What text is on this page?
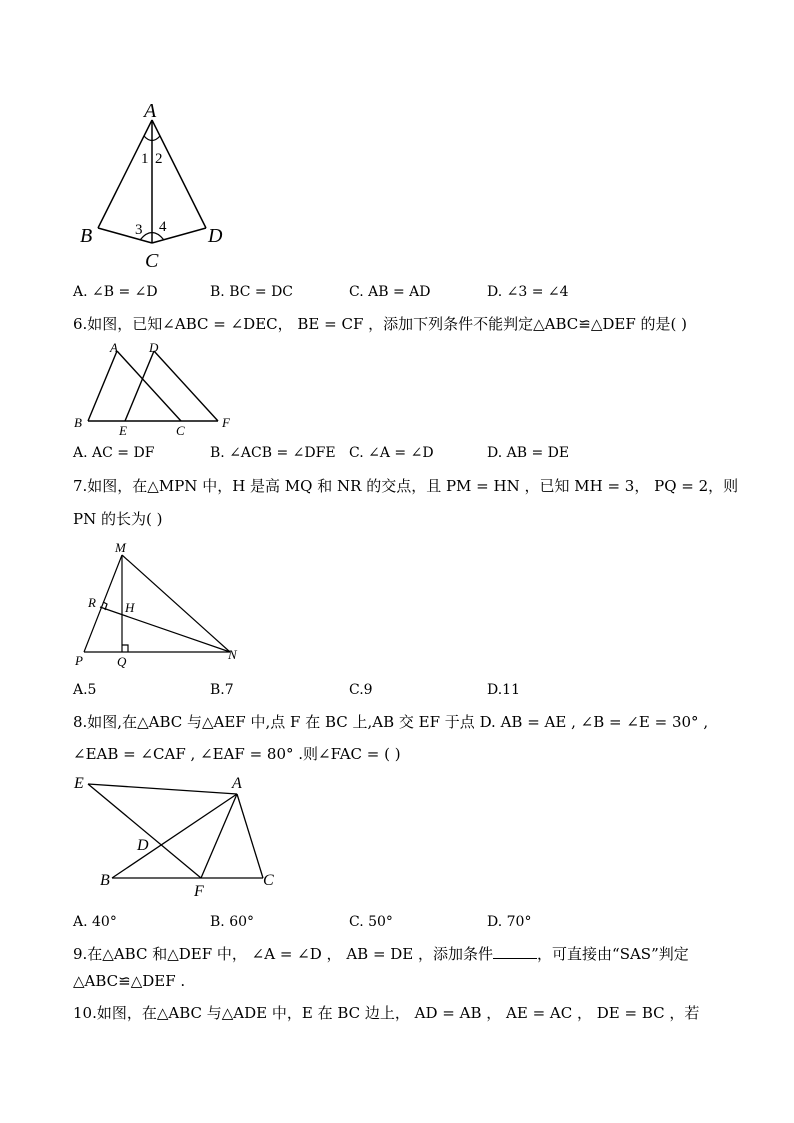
A
B
C
D
1 2
3 4
A. ∠B = ∠D	B. BC = DC	C. AB = AD	D. ∠3 = ∠4
6.如图，已知∠ABC = ∠DEC， BE = CF ，添加下列条件不能判定△ABC≌△DEF 的是( )
A D
B
E	C
F
A. AC = DF	B. ∠ACB = ∠DFE C. ∠A = ∠D	D. AB = DE
7.如图，在△MPN 中，H 是高 MQ 和 NR 的交点，且 PM = HN ，已知 MH = 3， PQ = 2，则
PN 的长为( )
M
R H
P	Q	N
A.5	B.7	C.9	D.11
8.如图,在△ABC 与△AEF 中,点 F 在 BC 上,AB 交 EF 于点 D. AB = AE , ∠B = ∠E = 30° ,
∠EAB = ∠CAF , ∠EAF = 80° .则∠FAC = ( )
E	A
D
B
F
C
A. 40°	B. 60°	C. 50°	D. 70°
9.在△ABC 和△DEF 中， ∠A = ∠D ， AB = DE ，添加条件	，可直接由“SAS”判定
△ABC≌△DEF .
10.如图，在△ABC 与△ADE 中，E 在 BC 边上， AD = AB ， AE = AC ， DE = BC ，若
